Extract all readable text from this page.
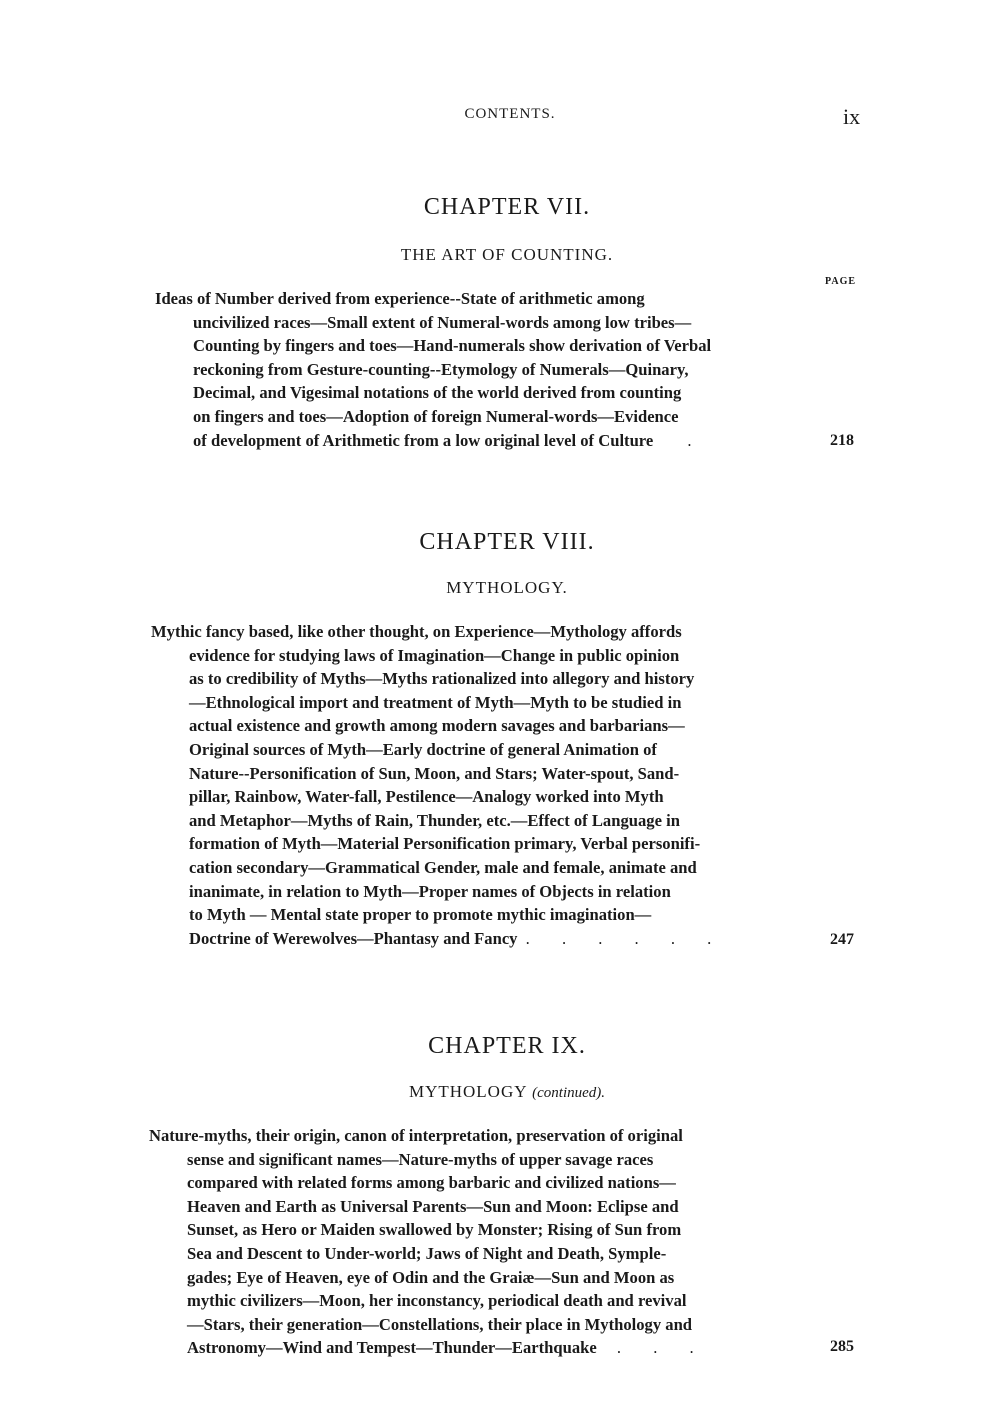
CONTENTS.	ix
CHAPTER VII.
THE ART OF COUNTING.
PAGE
Ideas of Number derived from experience--State of arithmetic among
uncivilized races—Small extent of Numeral-words among low tribes—
Counting by fingers and toes—Hand-numerals show derivation of Verbal
reckoning from Gesture-counting--Etymology of Numerals—Quinary,
Decimal, and Vigesimal notations of the world derived from counting
on fingers and toes—Adoption of foreign Numeral-words—Evidence
of development of Arithmetic from a low original level of Culture .	218
CHAPTER VIII.
MYTHOLOGY.
Mythic fancy based, like other thought, on Experience—Mythology affords
evidence for studying laws of Imagination—Change in public opinion
as to credibility of Myths—Myths rationalized into allegory and history
—Ethnological import and treatment of Myth—Myth to be studied in
actual existence and growth among modern savages and barbarians—
Original sources of Myth—Early doctrine of general Animation of
Nature--Personification of Sun, Moon, and Stars; Water-spout, Sand-
pillar, Rainbow, Water-fall, Pestilence—Analogy worked into Myth
and Metaphor—Myths of Rain, Thunder, etc.—Effect of Language in
formation of Myth—Material Personification primary, Verbal personifi-
cation secondary—Grammatical Gender, male and female, animate and
inanimate, in relation to Myth—Proper names of Objects in relation
to Myth — Mental state proper to promote mythic imagination—
Doctrine of Werewolves—Phantasy and Fancy . . . . . .	247
CHAPTER IX.
MYTHOLOGY (continued).
Nature-myths, their origin, canon of interpretation, preservation of original
sense and significant names—Nature-myths of upper savage races
compared with related forms among barbaric and civilized nations—
Heaven and Earth as Universal Parents—Sun and Moon: Eclipse and
Sunset, as Hero or Maiden swallowed by Monster; Rising of Sun from
Sea and Descent to Under-world; Jaws of Night and Death, Symple-
gades; Eye of Heaven, eye of Odin and the Graiæ—Sun and Moon as
mythic civilizers—Moon, her inconstancy, periodical death and revival
—Stars, their generation—Constellations, their place in Mythology and
Astronomy—Wind and Tempest—Thunder—Earthquake . . .	285
